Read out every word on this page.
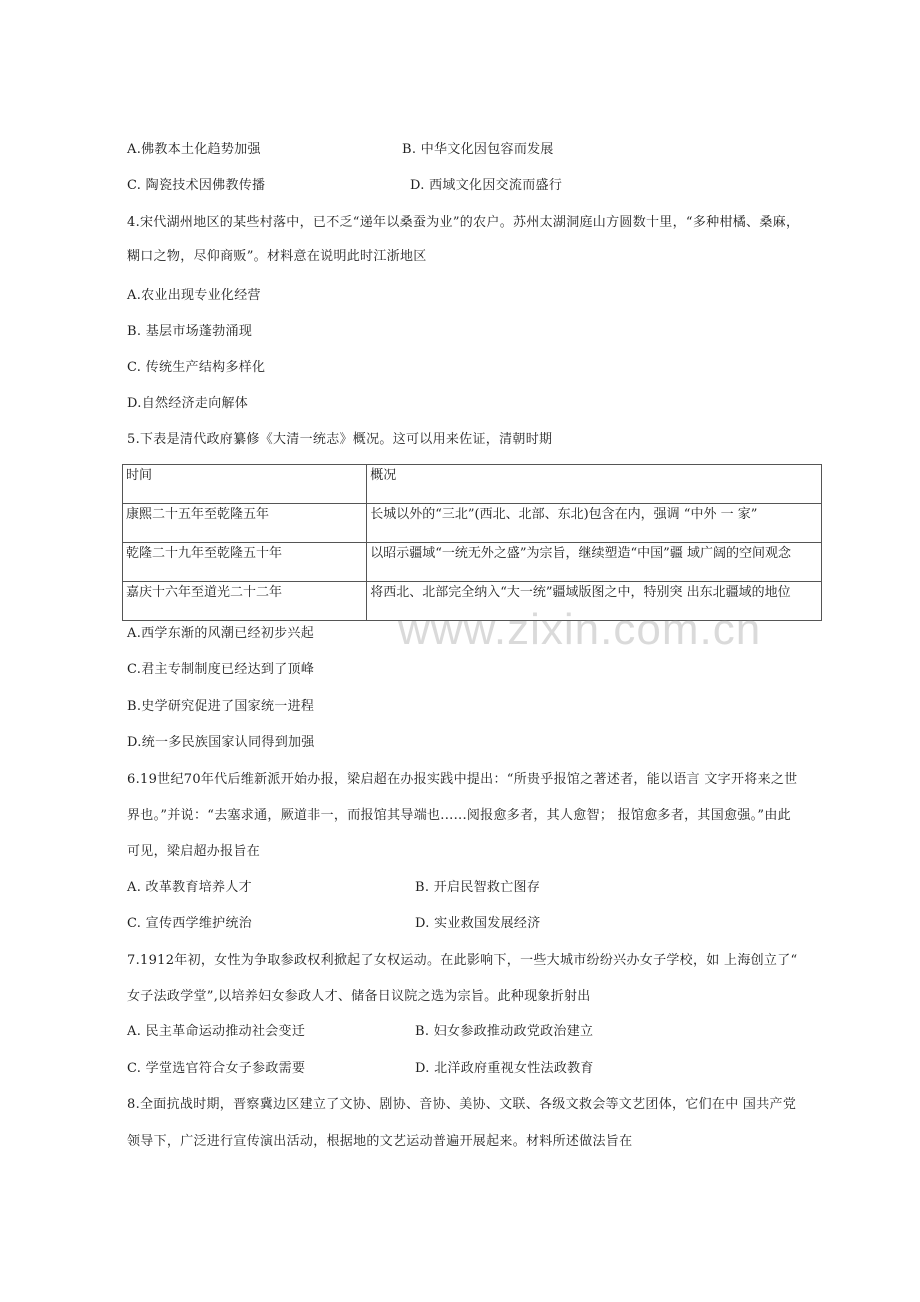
A.佛教本土化趋势加强	B. 中华文化因包容而发展
C. 陶瓷技术因佛教传播	D. 西域文化因交流而盛行
4.宋代湖州地区的某些村落中，已不乏“递年以桑蚕为业”的农户。苏州太湖洞庭山方圆数十里，“多种柑橘、桑麻，
糊口之物，尽仰商贩”。材料意在说明此时江浙地区
A.农业出现专业化经营
B. 基层市场蓬勃涌现
C. 传统生产结构多样化
D.自然经济走向解体
5.下表是清代政府纂修《大清一统志》概况。这可以用来佐证，清朝时期
时间	概况
康熙二十五年至乾隆五年	长城以外的“三北”(西北、北部、东北)包含在内，强调 “中外 一 家”
乾隆二十九年至乾隆五十年	以昭示疆域“一统无外之盛”为宗旨，继续塑造“中国”疆 域广阔的空间观念
嘉庆十六年至道光二十二年	将西北、北部完全纳入“大一统”疆域版图之中，特别突 出东北疆域的地位
A.西学东渐的风潮已经初步兴起
C.君主专制制度已经达到了顶峰
B.史学研究促进了国家统一进程
D.统一多民族国家认同得到加强
6.19世纪70年代后维新派开始办报，梁启超在办报实践中提出：“所贵乎报馆之著述者，能以语言 文字开将来之世
界也。”并说：“去塞求通，厥道非一，而报馆其导端也......阅报愈多者，其人愈智； 报馆愈多者，其国愈强。”由此
可见，梁启超办报旨在
A. 改革教育培养人才	B. 开启民智救亡图存
C. 宣传西学维护统治	D. 实业救国发展经济
7.1912年初，女性为争取参政权利掀起了女权运动。在此影响下，一些大城市纷纷兴办女子学校，如 上海创立了“
女子法政学堂”,以培养妇女参政人才、储备日议院之选为宗旨。此种现象折射出
A. 民主革命运动推动社会变迁	B. 妇女参政推动政党政治建立
C. 学堂选官符合女子参政需要	D. 北洋政府重视女性法政教育
8.全面抗战时期，晋察冀边区建立了文协、剧协、音协、美协、文联、各级文救会等文艺团体，它们在中 国共产党
领导下，广泛进行宣传演出活动，根据地的文艺运动普遍开展起来。材料所述做法旨在
www.zixin.com.cn
